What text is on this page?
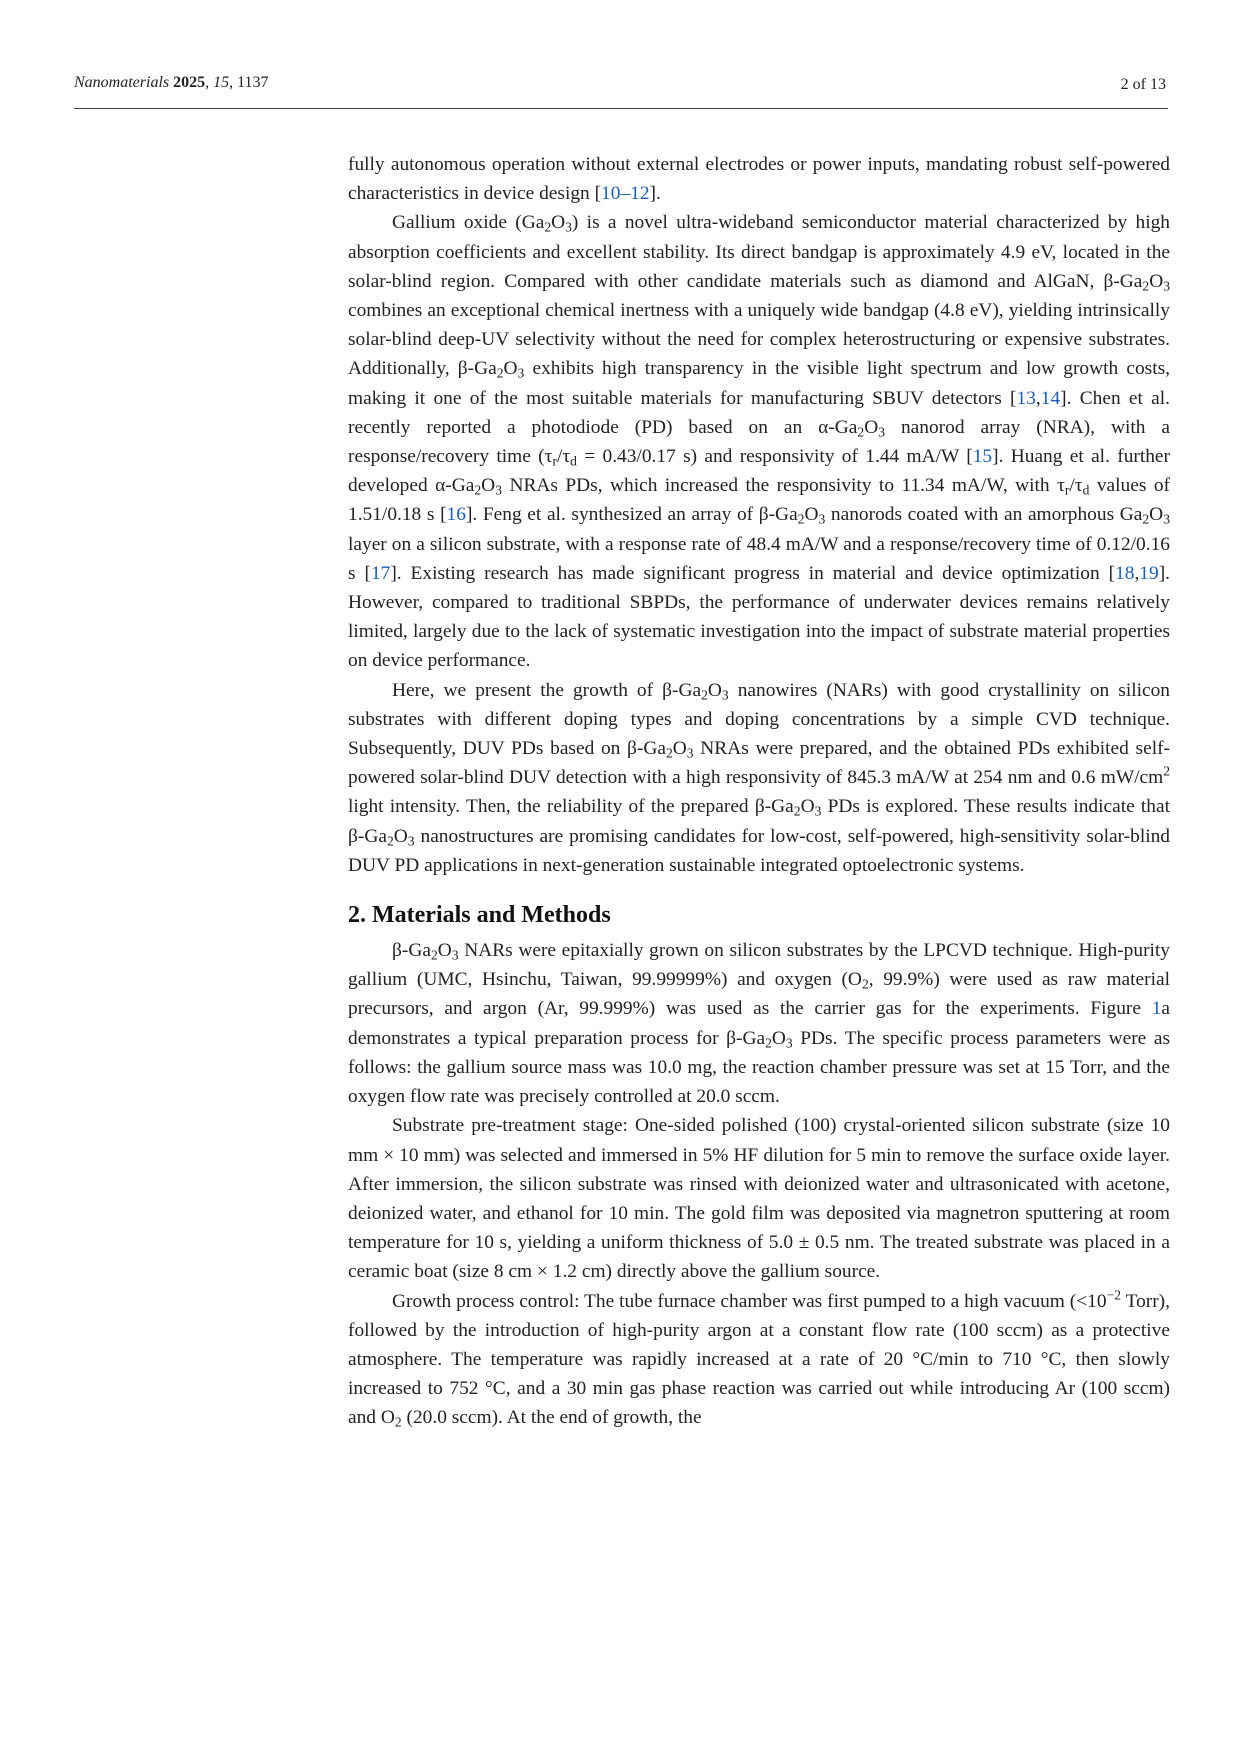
Nanomaterials 2025, 15, 1137	2 of 13

fully autonomous operation without external electrodes or power inputs, mandating robust self-powered characteristics in device design [10–12].

Gallium oxide $(Ga_2O_3)$ is a novel ultra-wideband semiconductor material characterized by high absorption coefficients and excellent stability. Its direct bandgap is approximately 4.9 eV, located in the solar-blind region. Compared with other candidate materials such as diamond and AlGaN, $\beta-Ga_2O_3$ combines an exceptional chemical inertness with a uniquely wide bandgap (4.8 eV), yielding intrinsically solar-blind deep-UV selectivity without the need for complex heterostructuring or expensive substrates. Additionally, $\beta-Ga_2O_3$ exhibits high transparency in the visible light spectrum and low growth costs, making it one of the most suitable materials for manufacturing SBUV detectors [13,14]. Chen et al. recently reported a photodiode (PD) based on an $\alpha-Ga_2O_3$ nanorod array (NRA), with a response/recovery time ($\tau_r/\tau_d = 0.43/0.17$ s) and responsivity of 1.44 mA/W [15]. Huang et al. further developed $\alpha-Ga_2O_3$ NRAs PDs, which increased the responsivity to 11.34 mA/W, with $\tau_r/\tau_d$ values of 1.51/0.18 s [16]. Feng et al. synthesized an array of $\beta-Ga_2O_3$ nanorods coated with an amorphous $Ga_2O_3$ layer on a silicon substrate, with a response rate of 48.4 mA/W and a response/recovery time of 0.12/0.16 s [17]. Existing research has made significant progress in material and device optimization [18,19]. However, compared to traditional SBPDs, the performance of underwater devices remains relatively limited, largely due to the lack of systematic investigation into the impact of substrate material properties on device performance.

Here, we present the growth of $\beta-Ga_2O_3$ nanowires (NARs) with good crystallinity on silicon substrates with different doping types and doping concentrations by a simple CVD technique. Subsequently, DUV PDs based on $\beta-Ga_2O_3$ NRAs were prepared, and the obtained PDs exhibited self-powered solar-blind DUV detection with a high responsivity of 845.3 mA/W at 254 nm and 0.6 $mW/cm^2$ light intensity. Then, the reliability of the prepared $\beta-Ga_2O_3$ PDs is explored. These results indicate that $\beta-Ga_2O_3$ nanostructures are promising candidates for low-cost, self-powered, high-sensitivity solar-blind DUV PD applications in next-generation sustainable integrated optoelectronic systems.

2. Materials and Methods

$\beta-Ga_2O_3$ NARs were epitaxially grown on silicon substrates by the LPCVD technique. High-purity gallium (UMC, Hsinchu, Taiwan, 99.99999%) and oxygen ($O_2$, 99.9%) were used as raw material precursors, and argon (Ar, 99.999%) was used as the carrier gas for the experiments. Figure 1a demonstrates a typical preparation process for $\beta-Ga_2O_3$ PDs. The specific process parameters were as follows: the gallium source mass was 10.0 mg, the reaction chamber pressure was set at 15 Torr, and the oxygen flow rate was precisely controlled at 20.0 sccm.

Substrate pre-treatment stage: One-sided polished (100) crystal-oriented silicon substrate (size 10 mm × 10 mm) was selected and immersed in 5% HF dilution for 5 min to remove the surface oxide layer. After immersion, the silicon substrate was rinsed with deionized water and ultrasonicated with acetone, deionized water, and ethanol for 10 min. The gold film was deposited via magnetron sputtering at room temperature for 10 s, yielding a uniform thickness of 5.0 ± 0.5 nm. The treated substrate was placed in a ceramic boat (size 8 cm × 1.2 cm) directly above the gallium source.

Growth process control: The tube furnace chamber was first pumped to a high vacuum ($<10^{-2}$ Torr), followed by the introduction of high-purity argon at a constant flow rate (100 sccm) as a protective atmosphere. The temperature was rapidly increased at a rate of 20 °C/min to 710 °C, then slowly increased to 752 °C, and a 30 min gas phase reaction was carried out while introducing Ar (100 sccm) and $O_2$ (20.0 sccm). At the end of growth, the
